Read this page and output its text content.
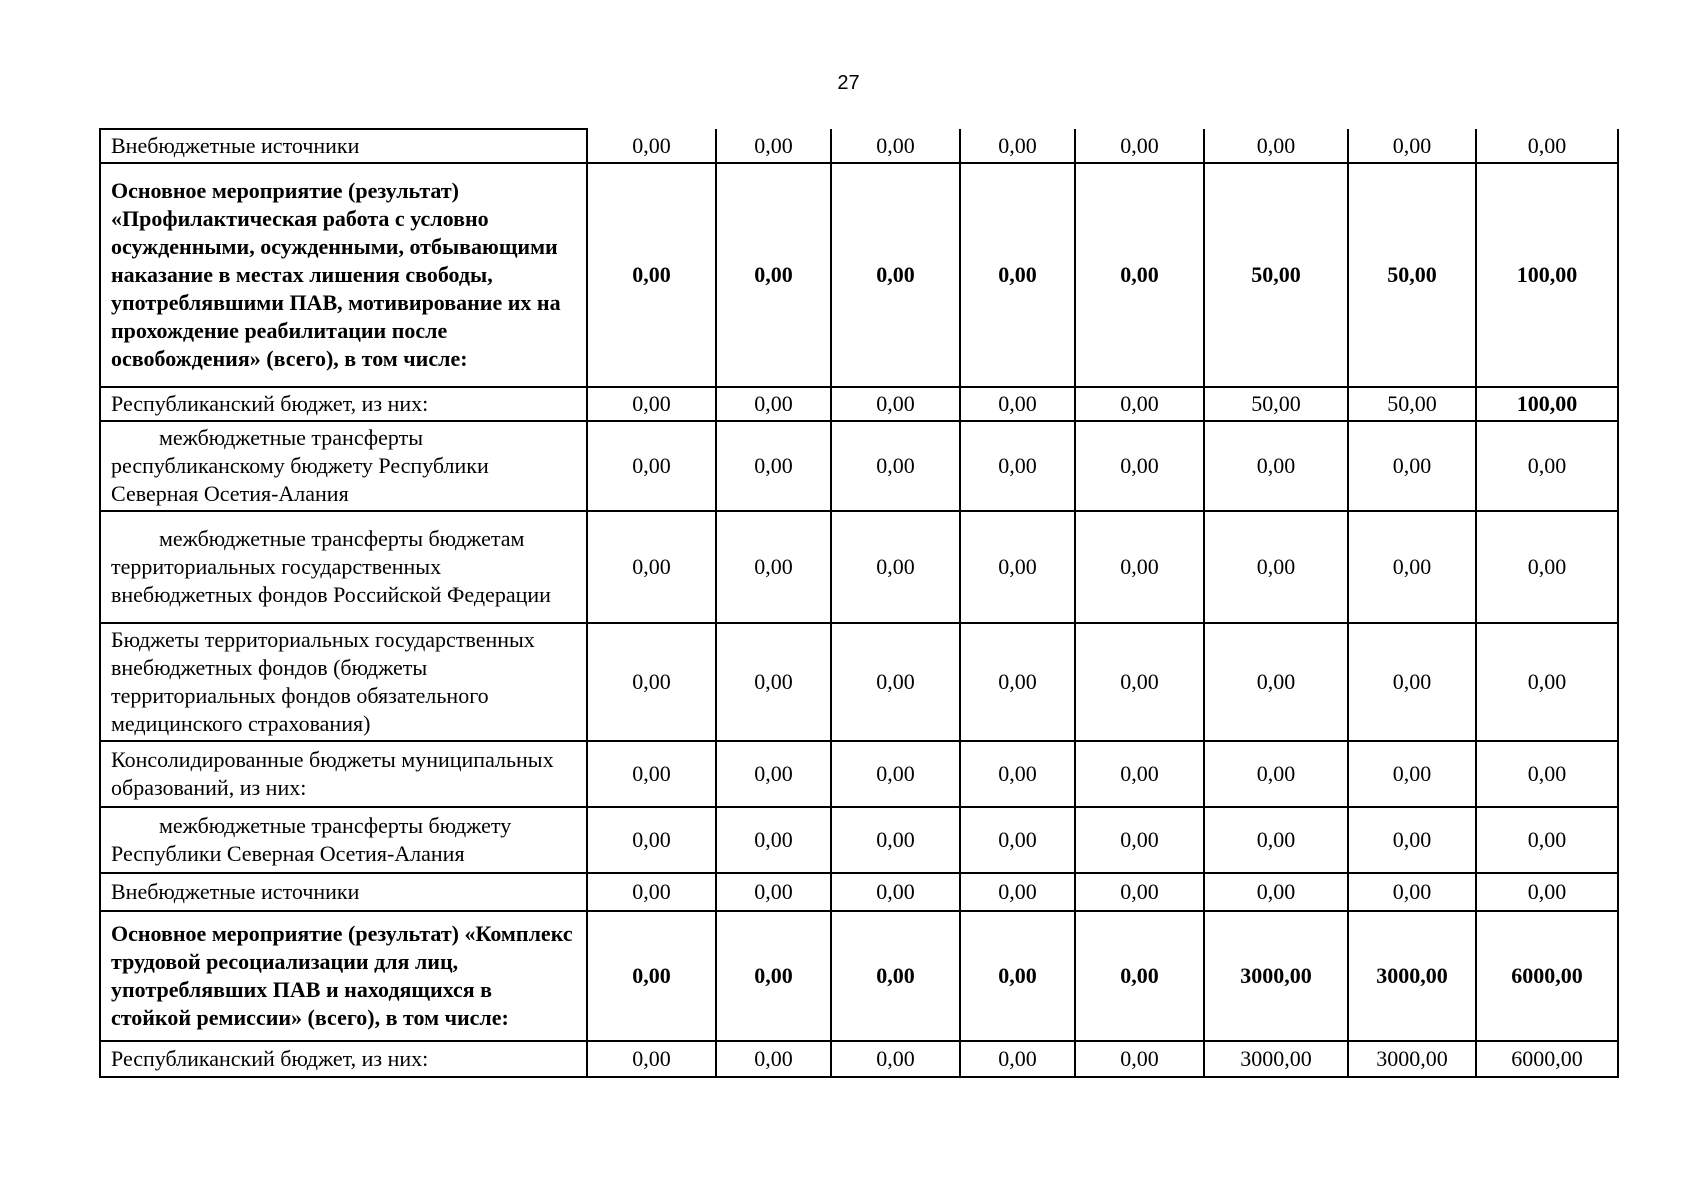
27
Внебюджетные источники	0,00	0,00	0,00	0,00	0,00	0,00	0,00	0,00
Основное мероприятие (результат) «Профилактическая работа с условно осужденными, осужденными, отбывающими наказание в местах лишения свободы, употреблявшими ПАВ, мотивирование их на прохождение реабилитации после освобождения» (всего), в том числе:	0,00	0,00	0,00	0,00	0,00	50,00	50,00	100,00
Республиканский бюджет, из них:	0,00	0,00	0,00	0,00	0,00	50,00	50,00	100,00

межбюджетные трансферты республиканскому бюджету Республики Северная Осетия-Алания	0,00	0,00	0,00	0,00	0,00	0,00	0,00	0,00

межбюджетные трансферты бюджетам территориальных государственных внебюджетных фондов Российской Федерации	0,00	0,00	0,00	0,00	0,00	0,00	0,00	0,00
Бюджеты территориальных государственных внебюджетных фондов (бюджеты территориальных фондов обязательного медицинского страхования)	0,00	0,00	0,00	0,00	0,00	0,00	0,00	0,00
Консолидированные бюджеты муниципальных образований, из них:	0,00	0,00	0,00	0,00	0,00	0,00	0,00	0,00

межбюджетные трансферты бюджету Республики Северная Осетия-Алания	0,00	0,00	0,00	0,00	0,00	0,00	0,00	0,00
Внебюджетные источники	0,00	0,00	0,00	0,00	0,00	0,00	0,00	0,00
Основное мероприятие (результат) «Комплекс трудовой ресоциализации для лиц, употреблявших ПАВ и находящихся в стойкой ремиссии» (всего), в том числе:	0,00	0,00	0,00	0,00	0,00	3000,00	3000,00	6000,00
Республиканский бюджет, из них:	0,00	0,00	0,00	0,00	0,00	3000,00	3000,00	6000,00
